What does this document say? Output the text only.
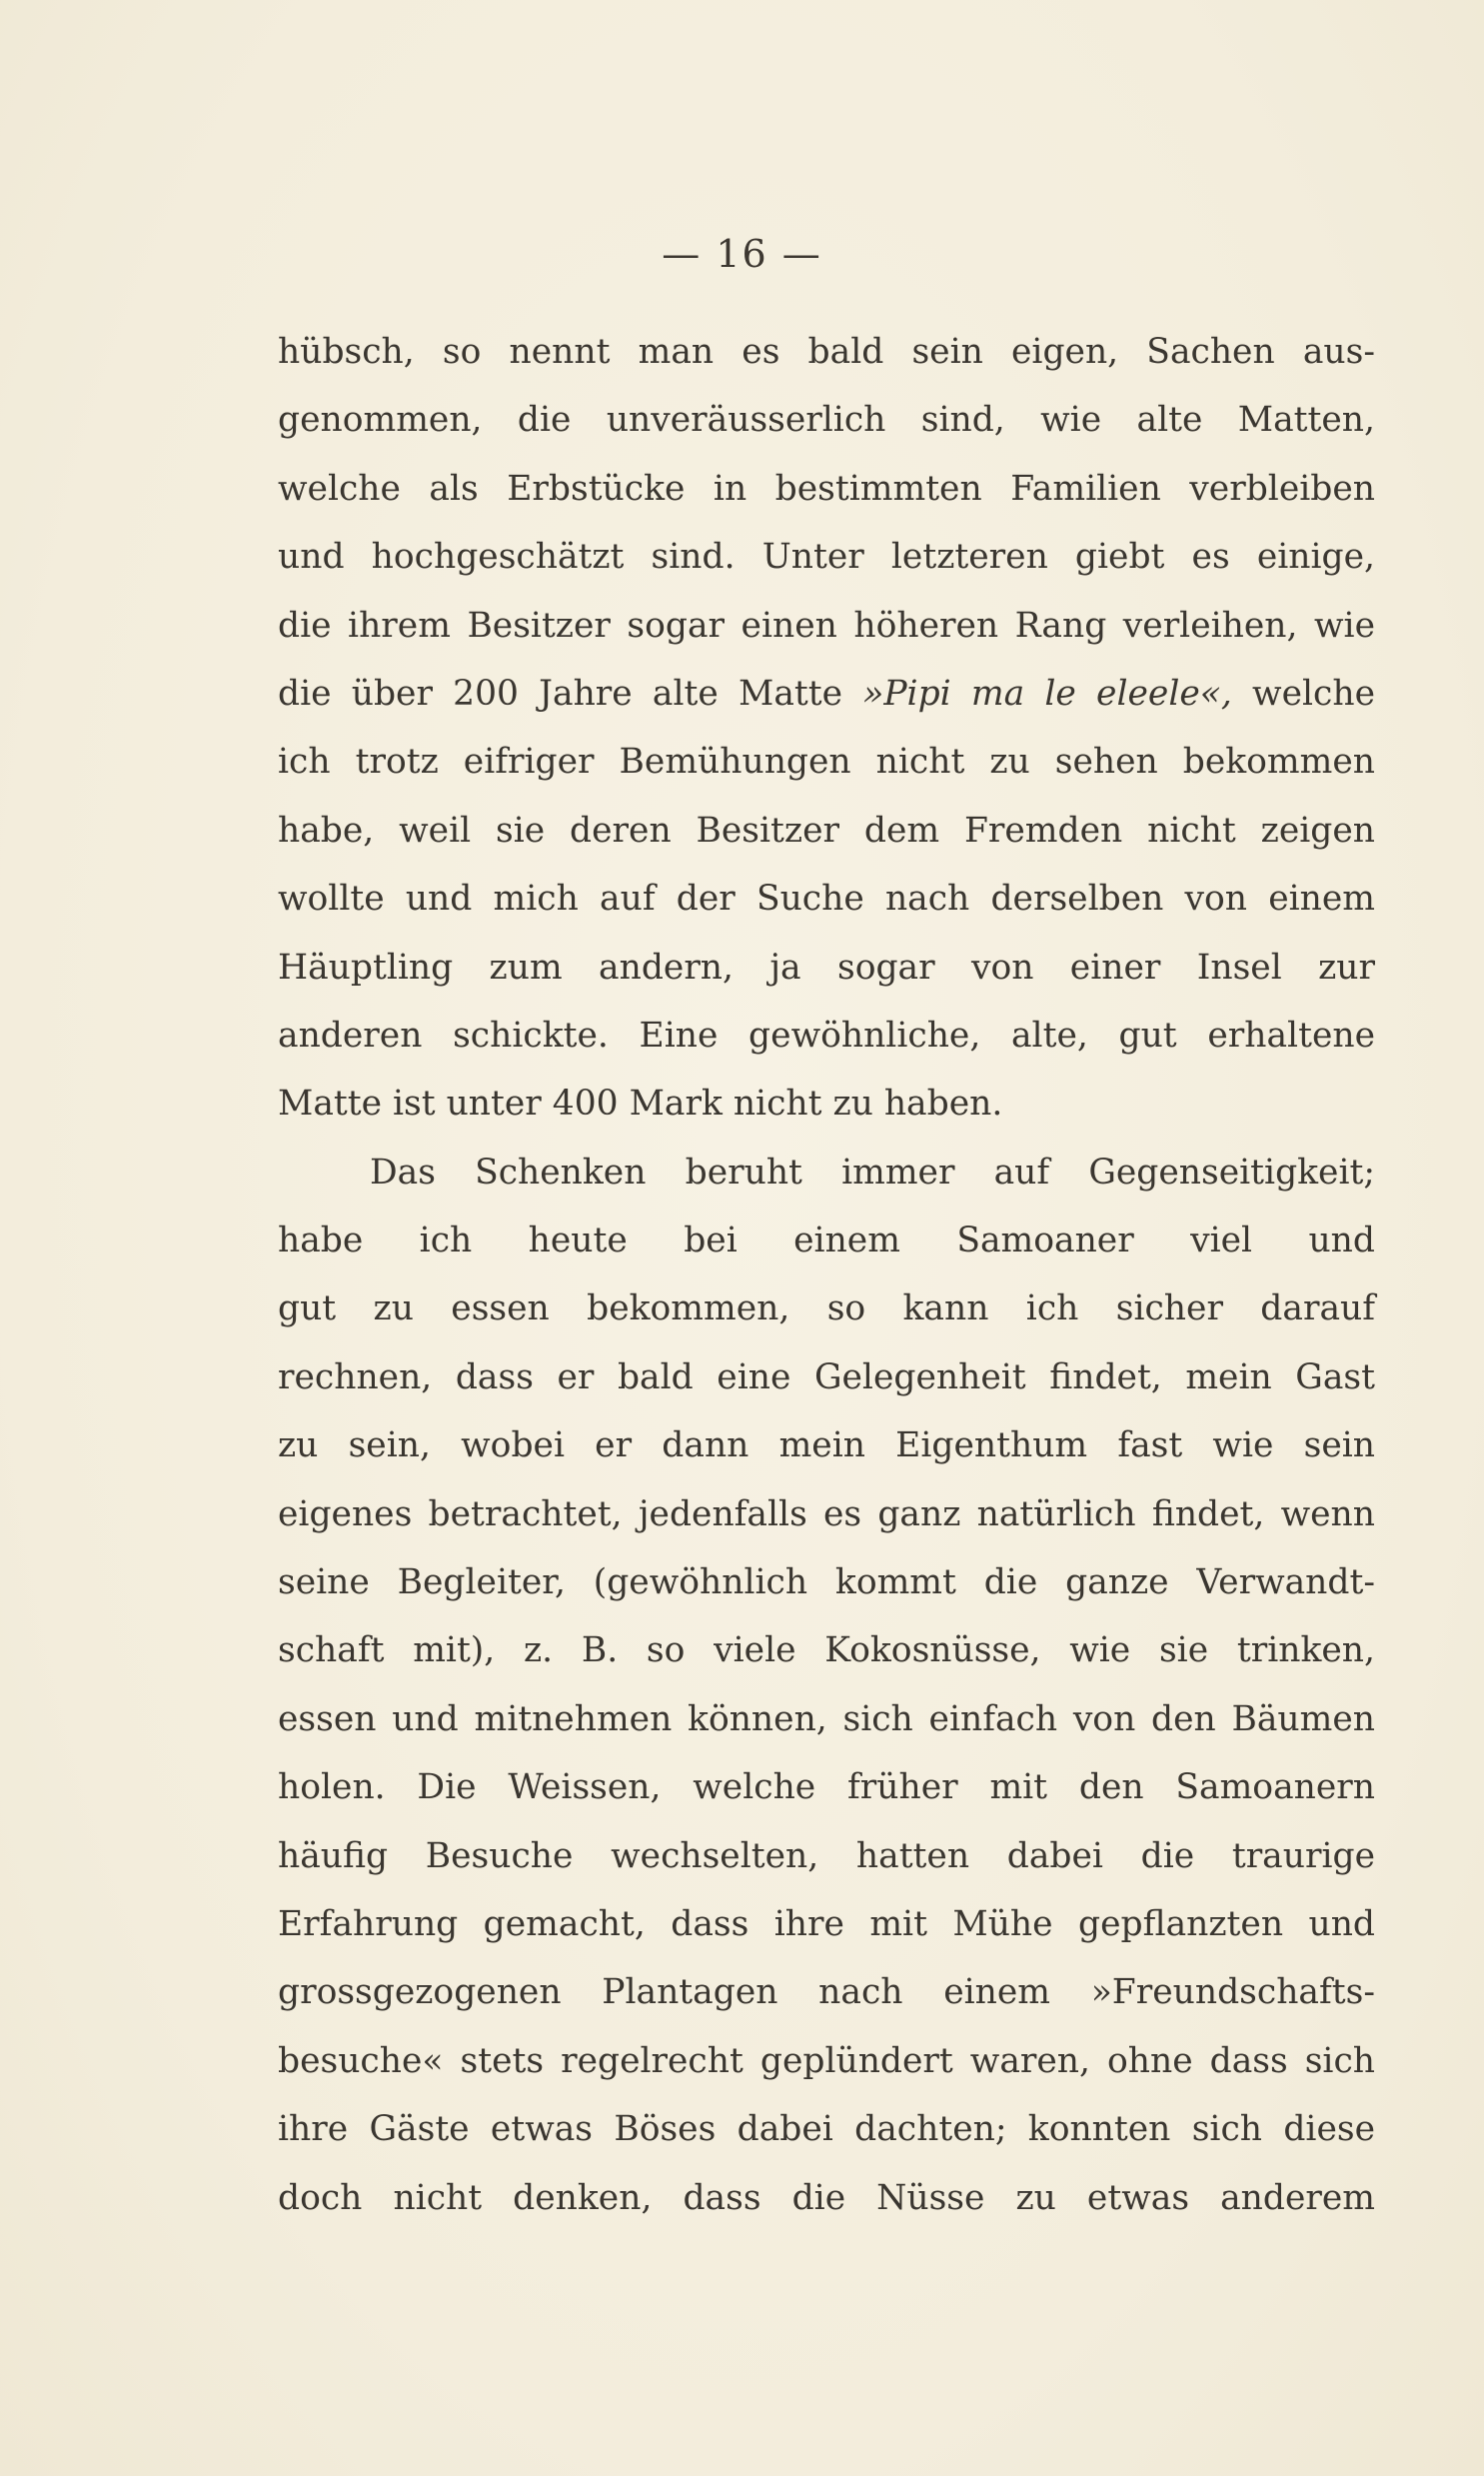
— 16 —
hübsch, so nennt man es bald sein eigen, Sachen aus-
genommen, die unveräusserlich sind, wie alte Matten,
welche als Erbstücke in bestimmten Familien verbleiben
und hochgeschätzt sind. Unter letzteren giebt es einige,
die ihrem Besitzer sogar einen höheren Rang verleihen, wie
die über 200 Jahre alte Matte »Pipi ma le eleele«, welche
ich trotz eifriger Bemühungen nicht zu sehen bekommen
habe, weil sie deren Besitzer dem Fremden nicht zeigen
wollte und mich auf der Suche nach derselben von einem
Häuptling zum andern, ja sogar von einer Insel zur
anderen schickte. Eine gewöhnliche, alte, gut erhaltene
Matte ist unter 400 Mark nicht zu haben.
Das Schenken beruht immer auf Gegenseitigkeit;
habe ich heute bei einem Samoaner viel und
gut zu essen bekommen, so kann ich sicher darauf
rechnen, dass er bald eine Gelegenheit findet, mein Gast
zu sein, wobei er dann mein Eigenthum fast wie sein
eigenes betrachtet, jedenfalls es ganz natürlich findet, wenn
seine Begleiter, (gewöhnlich kommt die ganze Verwandt-
schaft mit), z. B. so viele Kokosnüsse, wie sie trinken,
essen und mitnehmen können, sich einfach von den Bäumen
holen. Die Weissen, welche früher mit den Samoanern
häufig Besuche wechselten, hatten dabei die traurige
Erfahrung gemacht, dass ihre mit Mühe gepflanzten und
grossgezogenen Plantagen nach einem »Freundschafts-
besuche« stets regelrecht geplündert waren, ohne dass sich
ihre Gäste etwas Böses dabei dachten; konnten sich diese
doch nicht denken, dass die Nüsse zu etwas anderem
